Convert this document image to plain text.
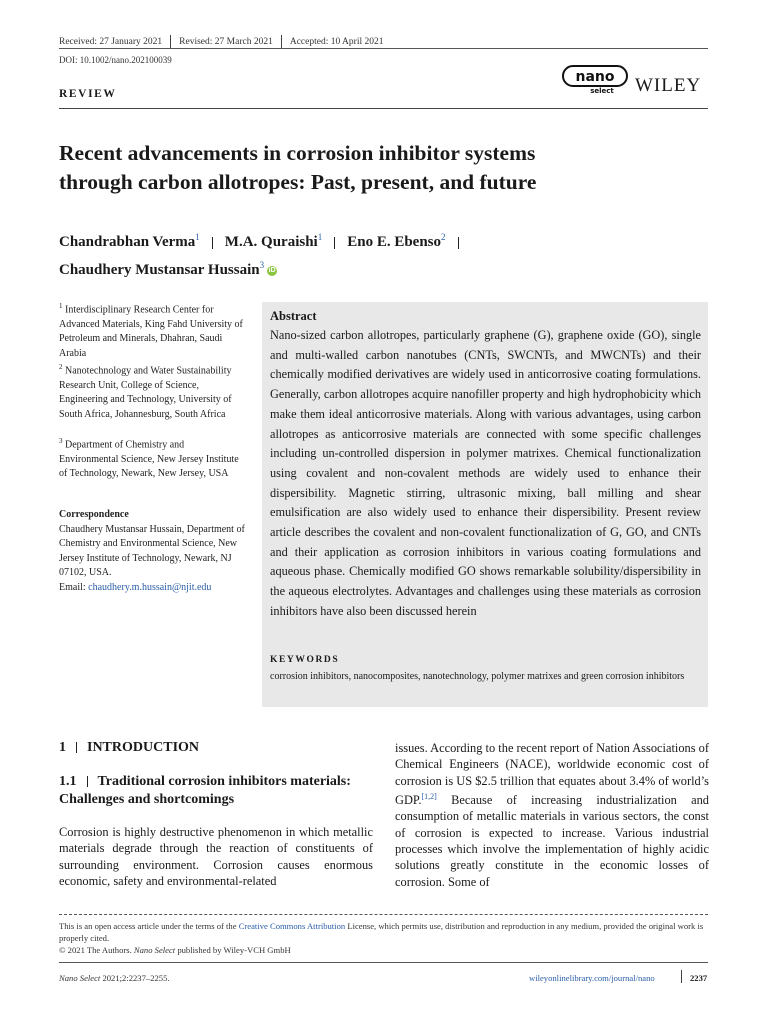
Received: 27 January 2021 Revised: 27 March 2021 Accepted: 10 April 2021
DOI: 10.1002/nano.202100039
REVIEW
nano
select WILEY
Recent advancements in corrosion inhibitor systems
through carbon allotropes: Past, present, and future
Chandrabhan Verma$^1$ M.A. Quraishi$^1$ Eno E. Ebenso$^2$
Chaudhery Mustansar Hussain$^3$iD
$^1$ Interdisciplinary Research Center for Advanced Materials, King Fahd University of Petroleum and Minerals, Dhahran, Saudi Arabia
$^2$ Nanotechnology and Water Sustainability Research Unit, College of Science, Engineering and Technology, University of South Africa, Johannesburg, South Africa
$^3$ Department of Chemistry and Environmental Science, New Jersey Institute of Technology, Newark, New Jersey, USA
Correspondence
Chaudhery Mustansar Hussain, Department of Chemistry and Environmental Science, New Jersey Institute of Technology, Newark, NJ 07102, USA.
Email: chaudhery.m.hussain@njit.edu
Abstract
Nano-sized carbon allotropes, particularly graphene (G), graphene oxide (GO), single and multi-walled carbon nanotubes (CNTs, SWCNTs, and MWCNTs) and their chemically modified derivatives are widely used in anticorrosive coating formulations. Generally, carbon allotropes acquire nanofiller property and high hydrophobicity which make them ideal anticorrosive materials. Along with various advantages, using carbon allotropes as anticorrosive materials are connected with some specific challenges including un-controlled dispersion in polymer matrixes. Chemical functionalization using covalent and non-covalent methods are widely used to enhance their dispersibility. Magnetic stirring, ultrasonic mixing, ball milling and shear emulsification are also widely used to enhance their dispersibility. Present review article describes the covalent and non-covalent functionalization of G, GO, and CNTs and their application as corrosion inhibitors in various coating formulations and aqueous phase. Chemically modified GO shows remarkable solubility/dispersibility in the aqueous electrolytes. Advantages and challenges using these materials as corrosion inhibitors have also been discussed herein
KEYWORDS
corrosion inhibitors, nanocomposites, nanotechnology, polymer matrixes and green corrosion inhibitors
1 INTRODUCTION
1.1 Traditional corrosion inhibitors materials: Challenges and shortcomings
Corrosion is highly destructive phenomenon in which metallic materials degrade through the reaction of constituents of surrounding environment. Corrosion causes enormous economic, safety and environmental-related
issues. According to the recent report of Nation Associations of Chemical Engineers (NACE), worldwide economic cost of corrosion is US $2.5 trillion that equates about 3.4% of world’s GDP.[1,2] Because of increasing industrialization and consumption of metallic materials in various sectors, the const of corrosion is expected to increase. Various industrial processes which involve the implementation of highly acidic solutions greatly constitute in the economic losses of corrosion. Some of
This is an open access article under the terms of the Creative Commons Attribution License, which permits use, distribution and reproduction in any medium, provided the original work is properly cited.
© 2021 The Authors. Nano Select published by Wiley-VCH GmbH
Nano Select 2021;2:2237–2255.	wileyonlinelibrary.com/journal/nano	2237
